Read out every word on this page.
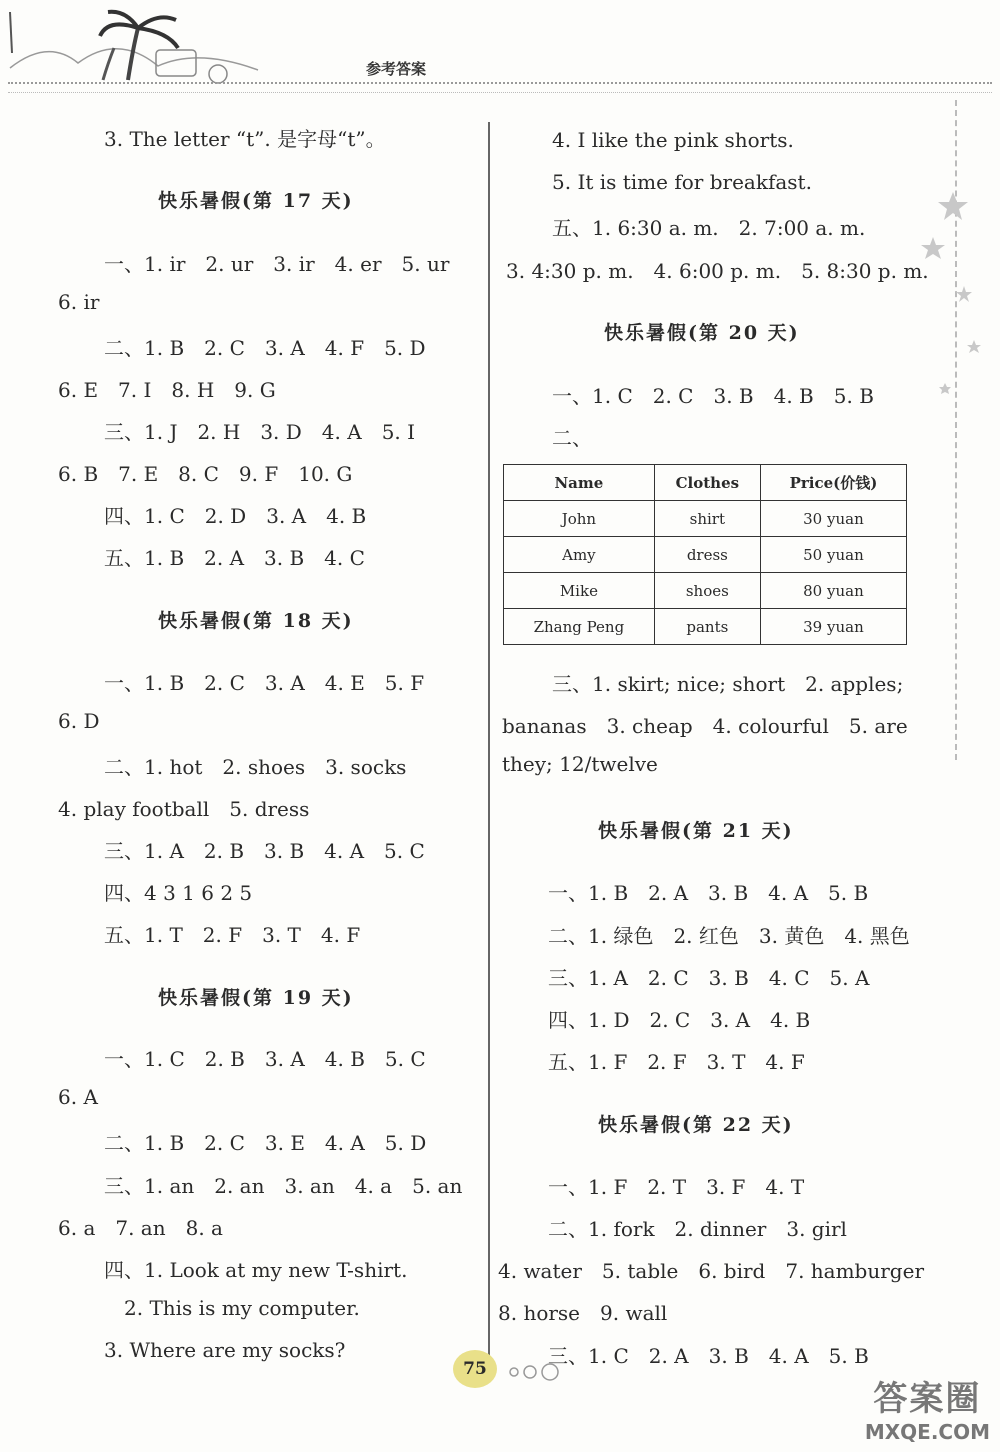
参考答案
3. The letter “t”. 是字母“t”。
快乐暑假(第 17 天)
一、1. ir　2. ur　3. ir　4. er　5. ur
6. ir
二、1. B　2. C　3. A　4. F　5. D
6. E　7. I　8. H　9. G
三、1. J　2. H　3. D　4. A　5. I
6. B　7. E　8. C　9. F　10. G
四、1. C　2. D　3. A　4. B
五、1. B　2. A　3. B　4. C
快乐暑假(第 18 天)
一、1. B　2. C　3. A　4. E　5. F
6. D
二、1. hot　2. shoes　3. socks
4. play football　5. dress
三、1. A　2. B　3. B　4. A　5. C
四、4 3 1 6 2 5
五、1. T　2. F　3. T　4. F
快乐暑假(第 19 天)
一、1. C　2. B　3. A　4. B　5. C
6. A
二、1. B　2. C　3. E　4. A　5. D
三、1. an　2. an　3. an　4. a　5. an
6. a　7. an　8. a
四、1. Look at my new T-shirt.
2. This is my computer.
3. Where are my socks?
4. I like the pink shorts.
5. It is time for breakfast.
五、1. 6:30 a. m.　2. 7:00 a. m.
3. 4:30 p. m.　4. 6:00 p. m.　5. 8:30 p. m.
快乐暑假(第 20 天)
一、1. C　2. C　3. B　4. B　5. B
二、
Name	Clothes	Price(价钱)
John	shirt	30 yuan
Amy	dress	50 yuan
Mike	shoes	80 yuan
Zhang Peng	pants	39 yuan
三、1. skirt; nice; short　2. apples;
bananas　3. cheap　4. colourful　5. are
they; 12/twelve
快乐暑假(第 21 天)
一、1. B　2. A　3. B　4. A　5. B
二、1. 绿色　2. 红色　3. 黄色　4. 黑色
三、1. A　2. C　3. B　4. C　5. A
四、1. D　2. C　3. A　4. B
五、1. F　2. F　3. T　4. F
快乐暑假(第 22 天)
一、1. F　2. T　3. F　4. T
二、1. fork　2. dinner　3. girl
4. water　5. table　6. bird　7. hamburger
8. horse　9. wall
三、1. C　2. A　3. B　4. A　5. B
75
答案圈
MXQE.COM
